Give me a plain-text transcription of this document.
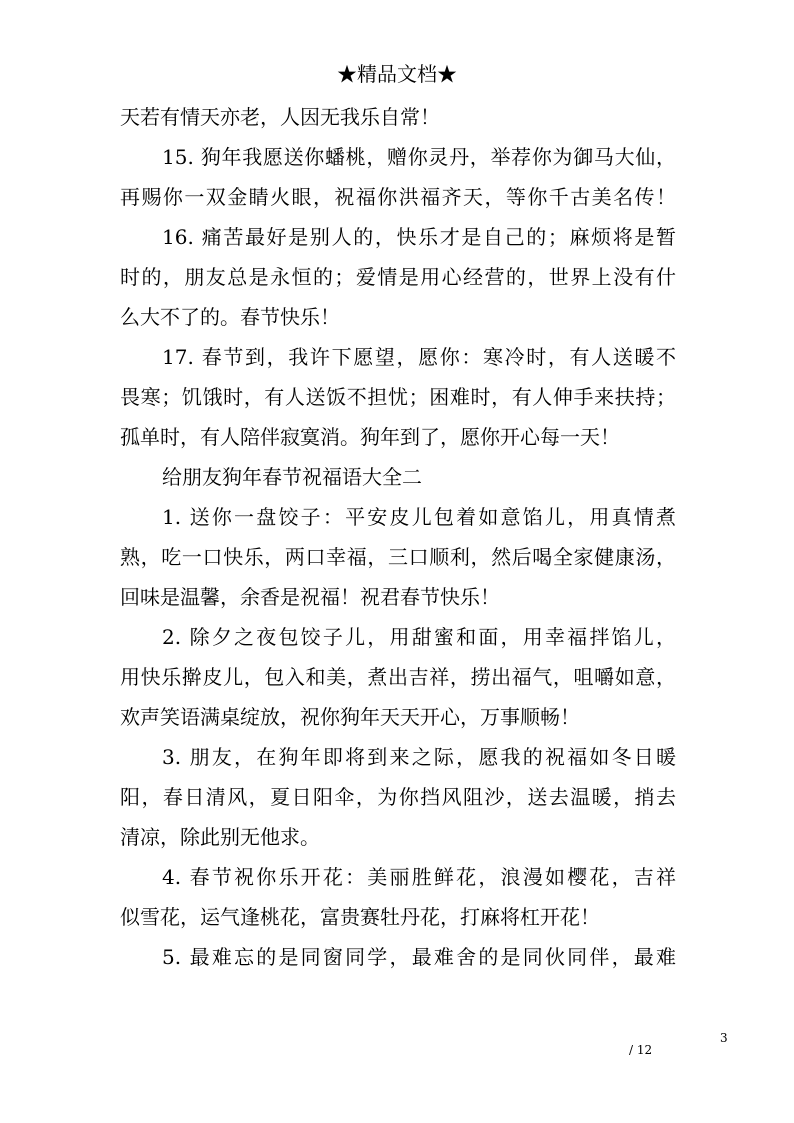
★精品文档★
天若有情天亦老，人因无我乐自常！
15. 狗年我愿送你蟠桃，赠你灵丹，举荐你为御马大仙，
再赐你一双金睛火眼，祝福你洪福齐天，等你千古美名传！
16. 痛苦最好是别人的，快乐才是自己的；麻烦将是暂
时的，朋友总是永恒的；爱情是用心经营的，世界上没有什
么大不了的。春节快乐！
17. 春节到，我许下愿望，愿你：寒冷时，有人送暖不
畏寒；饥饿时，有人送饭不担忧；困难时，有人伸手来扶持；
孤单时，有人陪伴寂寞消。狗年到了，愿你开心每一天！
给朋友狗年春节祝福语大全二
1. 送你一盘饺子：平安皮儿包着如意馅儿，用真情煮
熟，吃一口快乐，两口幸福，三口顺利，然后喝全家健康汤，
回味是温馨，余香是祝福！祝君春节快乐！
2. 除夕之夜包饺子儿，用甜蜜和面，用幸福拌馅儿，
用快乐擀皮儿，包入和美，煮出吉祥，捞出福气，咀嚼如意，
欢声笑语满桌绽放，祝你狗年天天开心，万事顺畅！
3. 朋友，在狗年即将到来之际，愿我的祝福如冬日暖
阳，春日清风，夏日阳伞，为你挡风阻沙，送去温暖，捎去
清凉，除此别无他求。
4. 春节祝你乐开花：美丽胜鲜花，浪漫如樱花，吉祥
似雪花，运气逢桃花，富贵赛牡丹花，打麻将杠开花！
5. 最难忘的是同窗同学，最难舍的是同伙同伴，最难
3
/ 12
